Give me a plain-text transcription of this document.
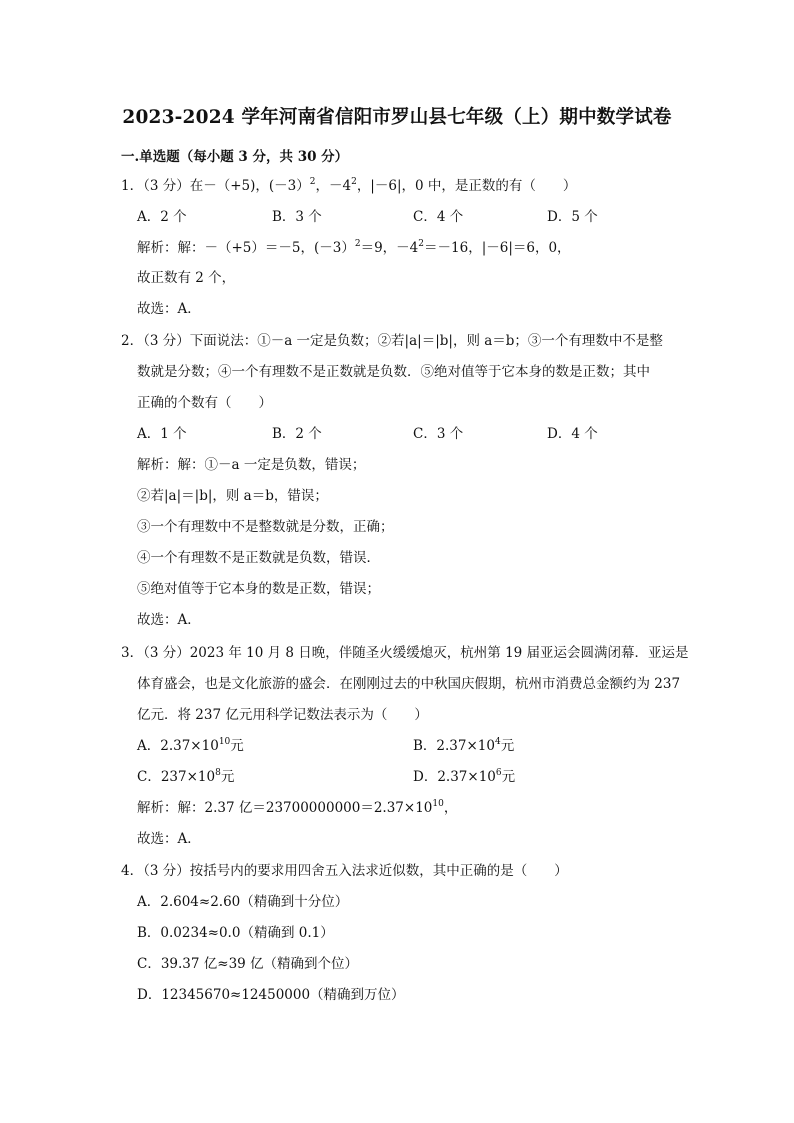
2023-2024 学年河南省信阳市罗山县七年级（上）期中数学试卷
一.单选题（每小题 3 分，共 30 分）
1．（3 分）在－（+5)，(－3）$^2$，$-4^2$，|－6|，0 中，是正数的有（　　）
A．2 个	B．3 个	C．4 个	D．5 个
解析：解：－（+5）＝－5，(－3）$^2$＝9，$-4^2=-16$，|－6|＝6，0，
故正数有 2 个，
故选：A．
2．（3 分）下面说法：①－a 一定是负数；②若|a|＝|b|，则 a＝b；③一个有理数中不是整
数就是分数；④一个有理数不是正数就是负数．⑤绝对值等于它本身的数是正数；其中
正确的个数有（　　）
A．1 个	B．2 个	C．3 个	D．4 个
解析：解：①－a 一定是负数，错误；
②若|a|＝|b|，则 a＝b，错误；
③一个有理数中不是整数就是分数，正确；
④一个有理数不是正数就是负数，错误．
⑤绝对值等于它本身的数是正数，错误；
故选：A．
3．（3 分）2023 年 10 月 8 日晚，伴随圣火缓缓熄灭，杭州第 19 届亚运会圆满闭幕．亚运是
体育盛会，也是文化旅游的盛会．在刚刚过去的中秋国庆假期，杭州市消费总金额约为 237
亿元．将 237 亿元用科学记数法表示为（　　）
A．$2.37\times 10^{10}$元	B．$2.37\times 10^4$元
C．$237\times 10^8$元	D．$2.37\times 10^6$元
解析：解：2.37 亿$=23700000000=2.37\times 10^{10}$，
故选：A．
4．（3 分）按括号内的要求用四舍五入法求近似数，其中正确的是（　　）
A．2.604≈2.60（精确到十分位）
B．0.0234≈0.0（精确到 0.1）
C．39.37 亿≈39 亿（精确到个位）
D．12345670≈12450000（精确到万位）
